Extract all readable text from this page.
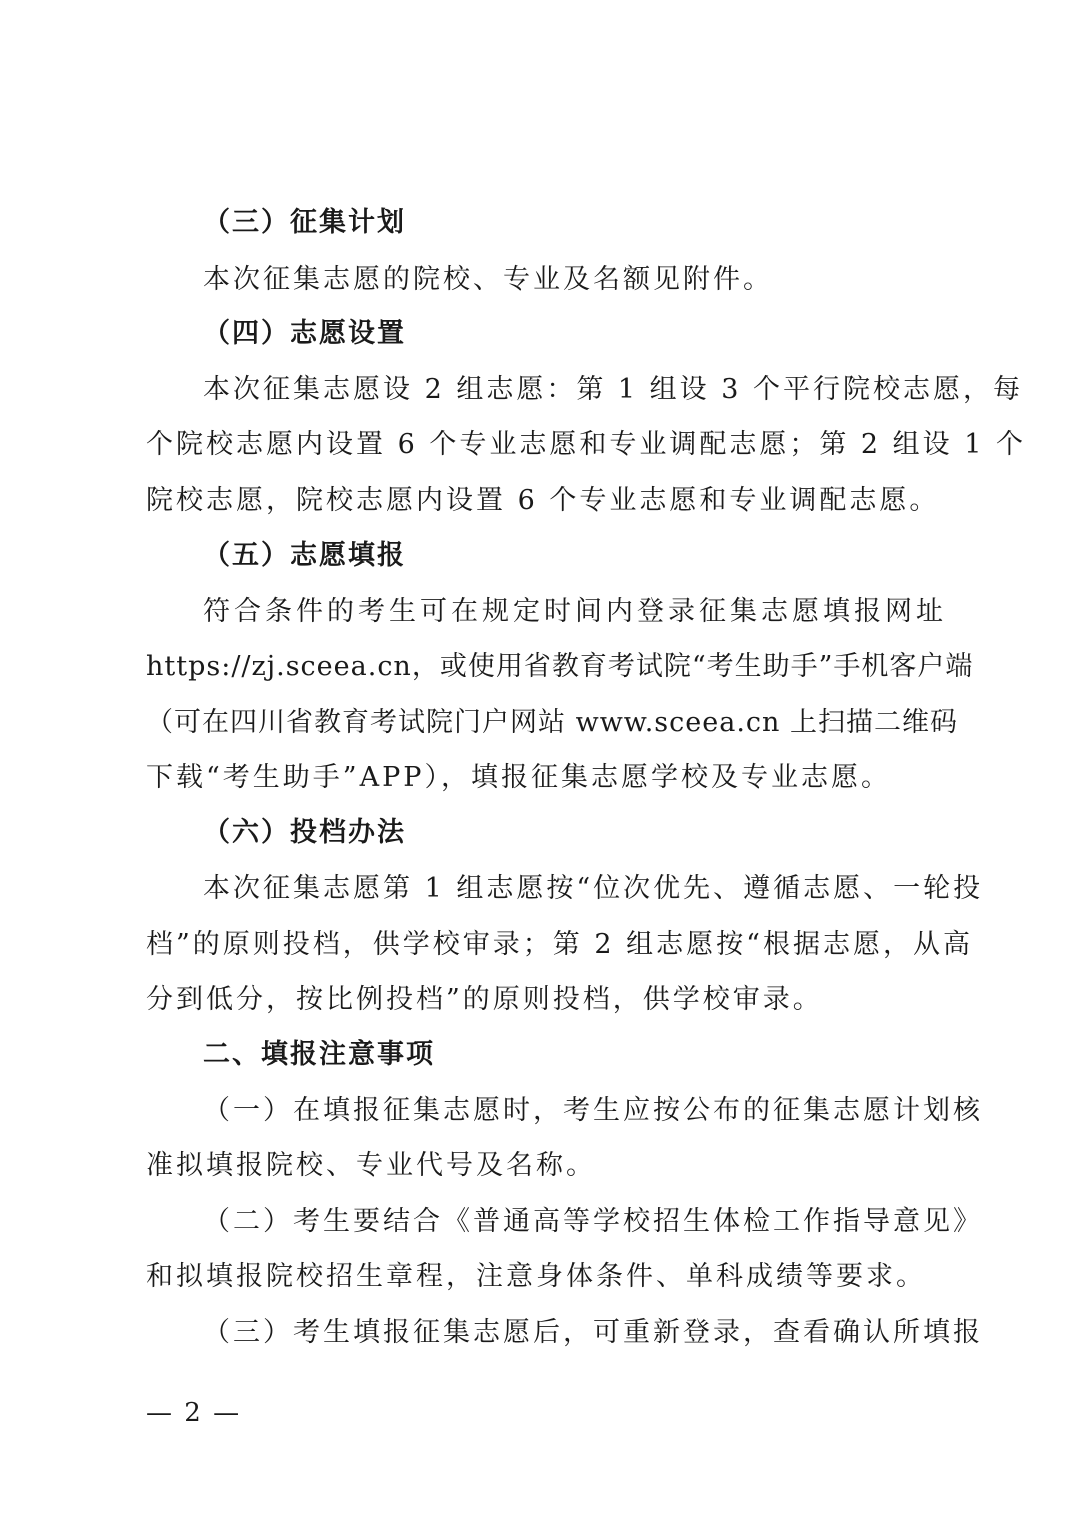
（三）征集计划
本次征集志愿的院校、专业及名额见附件。
（四）志愿设置
本次征集志愿设 2 组志愿：第 1 组设 3 个平行院校志愿，每
个院校志愿内设置 6 个专业志愿和专业调配志愿；第 2 组设 1 个
院校志愿，院校志愿内设置 6 个专业志愿和专业调配志愿。
（五）志愿填报
符合条件的考生可在规定时间内登录征集志愿填报网址
https://zj.sceea.cn，或使用省教育考试院“考生助手”手机客户端
（可在四川省教育考试院门户网站 www.sceea.cn 上扫描二维码
下载“考生助手”APP），填报征集志愿学校及专业志愿。
（六）投档办法
本次征集志愿第 1 组志愿按“位次优先、遵循志愿、一轮投
档”的原则投档，供学校审录；第 2 组志愿按“根据志愿，从高
分到低分，按比例投档”的原则投档，供学校审录。
二、填报注意事项
（一）在填报征集志愿时，考生应按公布的征集志愿计划核
准拟填报院校、专业代号及名称。
（二）考生要结合《普通高等学校招生体检工作指导意见》
和拟填报院校招生章程，注意身体条件、单科成绩等要求。
（三）考生填报征集志愿后，可重新登录，查看确认所填报
— 2 —
